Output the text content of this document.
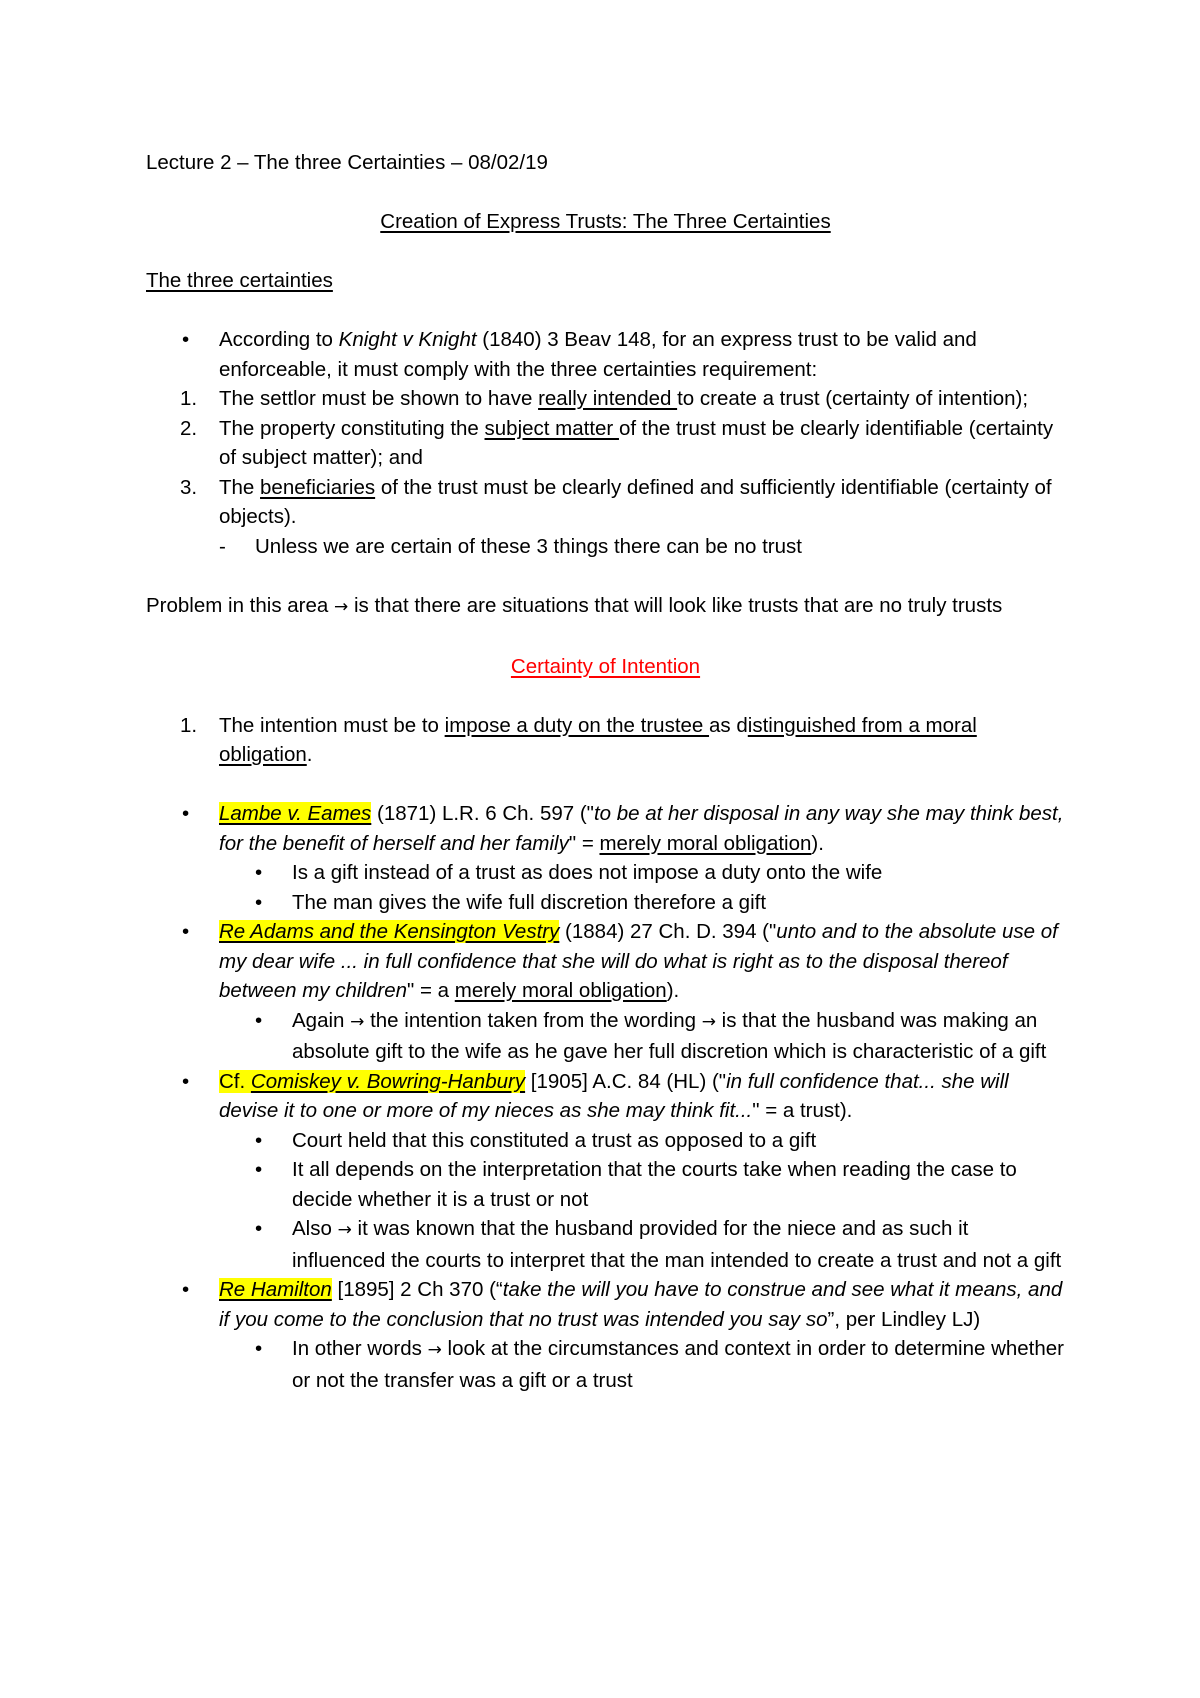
Lecture 2 – The three Certainties – 08/02/19

Creation of Express Trusts: The Three Certainties

The three certainties

• According to Knight v Knight (1840) 3 Beav 148, for an express trust to be valid and enforceable, it must comply with the three certainties requirement:
1. The settlor must be shown to have really intended to create a trust (certainty of intention);
2. The property constituting the subject matter of the trust must be clearly identifiable (certainty of subject matter); and
3. The beneficiaries of the trust must be clearly defined and sufficiently identifiable (certainty of objects).
- Unless we are certain of these 3 things there can be no trust

Problem in this area → is that there are situations that will look like trusts that are no truly trusts

Certainty of Intention

1. The intention must be to impose a duty on the trustee as distinguished from a moral obligation.
• Lambe v. Eames (1871) L.R. 6 Ch. 597 ("to be at her disposal in any way she may think best, for the benefit of herself and her family" = merely moral obligation).
• Is a gift instead of a trust as does not impose a duty onto the wife
• The man gives the wife full discretion therefore a gift
• Re Adams and the Kensington Vestry (1884) 27 Ch. D. 394 ("unto and to the absolute use of my dear wife ... in full confidence that she will do what is right as to the disposal thereof between my children" = a merely moral obligation).
• Again → the intention taken from the wording → is that the husband was making an absolute gift to the wife as he gave her full discretion which is characteristic of a gift
• Cf. Comiskey v. Bowring-Hanbury [1905] A.C. 84 (HL) ("in full confidence that... she will devise it to one or more of my nieces as she may think fit..." = a trust).
• Court held that this constituted a trust as opposed to a gift
• It all depends on the interpretation that the courts take when reading the case to decide whether it is a trust or not
• Also → it was known that the husband provided for the niece and as such it influenced the courts to interpret that the man intended to create a trust and not a gift
• Re Hamilton [1895] 2 Ch 370 (“take the will you have to construe and see what it means, and if you come to the conclusion that no trust was intended you say so”, per Lindley LJ)
• In other words → look at the circumstances and context in order to determine whether or not the transfer was a gift or a trust
